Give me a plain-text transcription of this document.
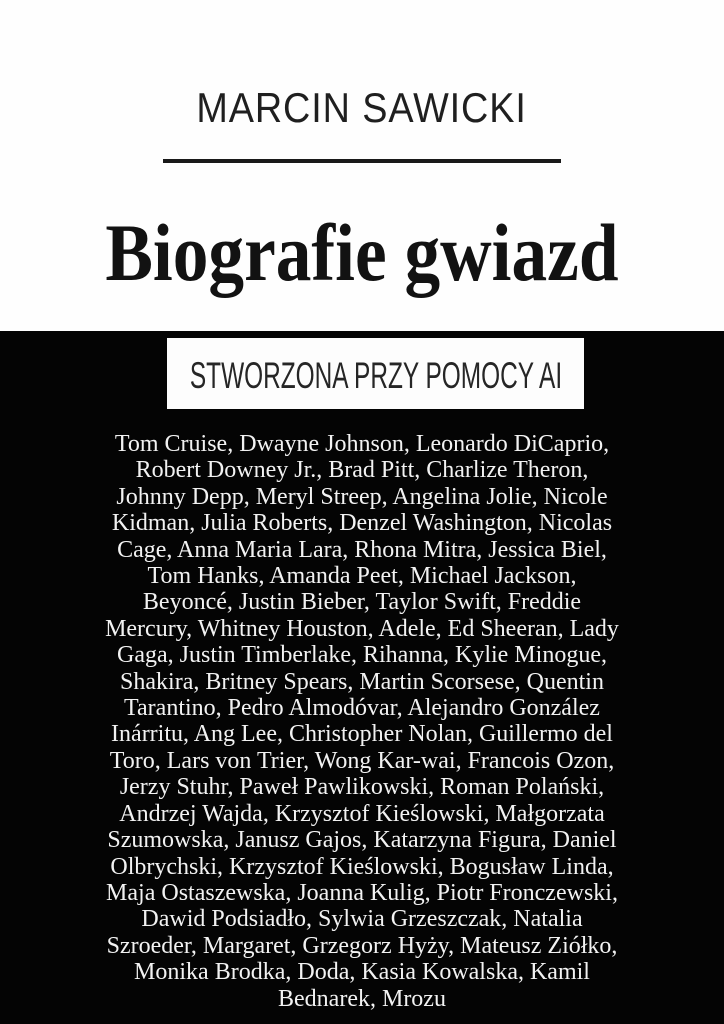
MARCIN SAWICKI
Biografie gwiazd
STWORZONA PRZY POMOCY AI

Tom Cruise, Dwayne Johnson, Leonardo DiCaprio, Robert Downey Jr., Brad Pitt, Charlize Theron, Johnny Depp, Meryl Streep, Angelina Jolie, Nicole Kidman, Julia Roberts, Denzel Washington, Nicolas Cage, Anna Maria Lara, Rhona Mitra, Jessica Biel, Tom Hanks, Amanda Peet, Michael Jackson, Beyoncé, Justin Bieber, Taylor Swift, Freddie Mercury, Whitney Houston, Adele, Ed Sheeran, Lady Gaga, Justin Timberlake, Rihanna, Kylie Minogue, Shakira, Britney Spears, Martin Scorsese, Quentin Tarantino, Pedro Almodóvar, Alejandro González Inárritu, Ang Lee, Christopher Nolan, Guillermo del Toro, Lars von Trier, Wong Kar-wai, Francois Ozon, Jerzy Stuhr, Paweł Pawlikowski, Roman Polański, Andrzej Wajda, Krzysztof Kieślowski, Małgorzata Szumowska, Janusz Gajos, Katarzyna Figura, Daniel Olbrychski, Krzysztof Kieślowski, Bogusław Linda, Maja Ostaszewska, Joanna Kulig, Piotr Fronczewski, Dawid Podsiadło, Sylwia Grzeszczak, Natalia Szroeder, Margaret, Grzegorz Hyży, Mateusz Ziółko, Monika Brodka, Doda, Kasia Kowalska, Kamil Bednarek, Mrozu
